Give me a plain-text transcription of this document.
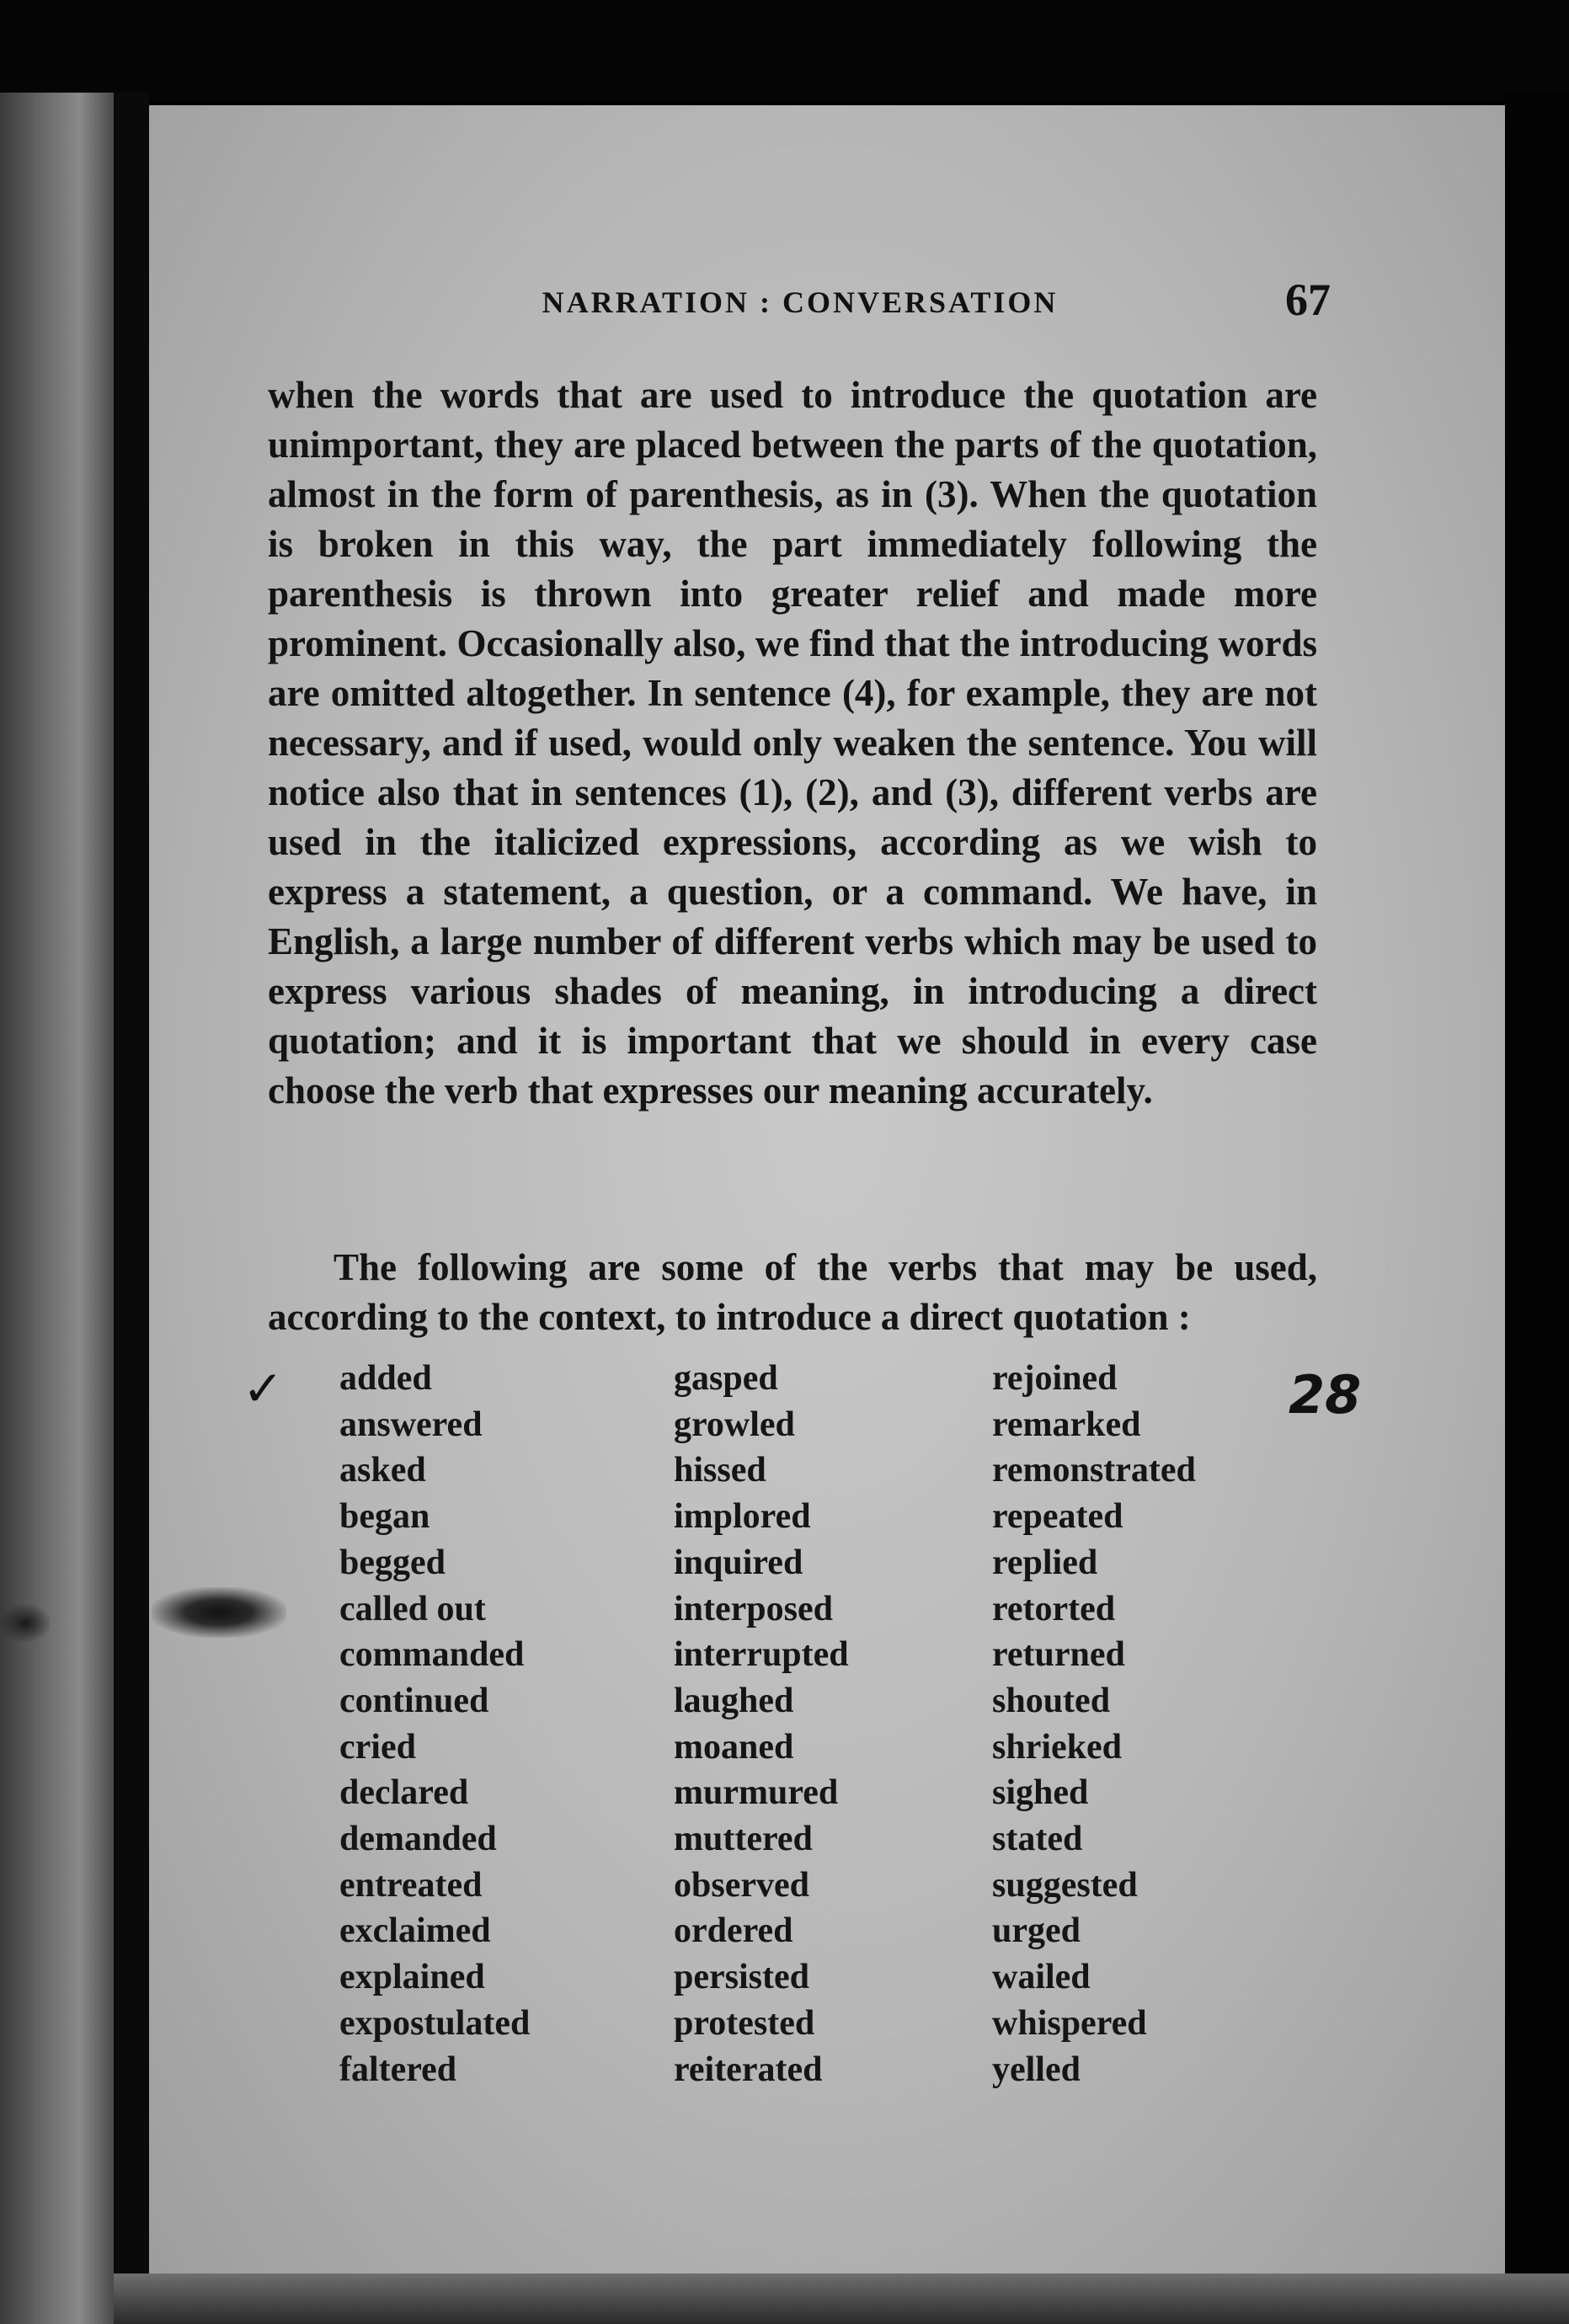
NARRATION : CONVERSATION	67

when the words that are used to introduce the quotation are unimportant, they are placed between the parts of the quotation, almost in the form of parenthesis, as in (3). When the quotation is broken in this way, the part immediately following the parenthesis is thrown into greater relief and made more prominent. Occasionally also, we find that the introducing words are omitted altogether. In sentence (4), for example, they are not necessary, and if used, would only weaken the sentence. You will notice also that in sentences (1), (2), and (3), different verbs are used in the italicized expressions, according as we wish to express a statement, a question, or a command. We have, in English, a large number of different verbs which may be used to express various shades of meaning, in introducing a direct quotation; and it is important that we should in every case choose the verb that expresses our meaning accurately.

The following are some of the verbs that may be used, according to the context, to introduce a direct quotation :
added
answered
asked
began
begged
called out
commanded
continued
cried
declared
demanded
entreated
exclaimed
explained
expostulated
faltered
gasped
growled
hissed
implored
inquired
interposed
interrupted
laughed
moaned
murmured
muttered
observed
ordered
persisted
protested
reiterated
rejoined
remarked
remonstrated
repeated
replied
retorted
returned
shouted
shrieked
sighed
stated
suggested
urged
wailed
whispered
yelled
✓	28
